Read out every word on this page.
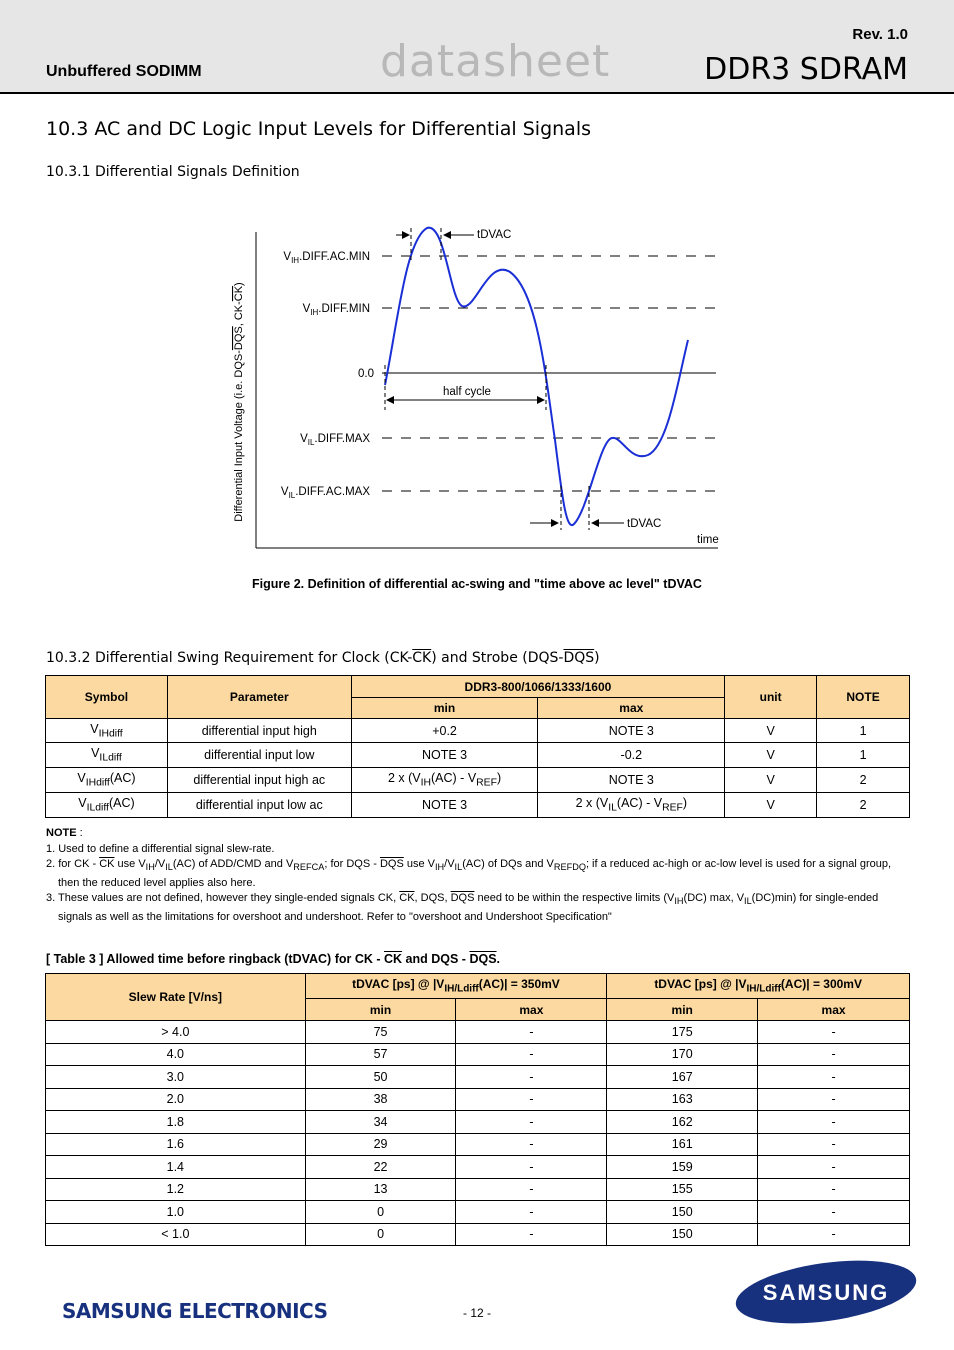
Unbuffered SODIMM	datasheet
Rev. 1.0
DDR3 SDRAM
10.3 AC and DC Logic Input Levels for Differential Signals
10.3.1 Differential Signals Definition
tDVAC
tDVAC
half cycle
time
0.0
$V_{IH}.DIFF.AC.MIN$
$V_{IH}.DIFF.MIN$
$V_{IL}.DIFF.MAX$
$V_{IL}.DIFF.AC.MAX$
Differential Input Voltage (i.e. DQS-DQS, CK-CK)
Figure 2. Definition of differential ac-swing and "time above ac level" tDVAC
10.3.2 Differential Swing Requirement for Clock (CK-CK) and Strobe (DQS-DQS)
Symbol	Parameter	DDR3-800/1066/1333/1600		unit	NOTE
		min	max		
$V_{IHdiff}$	differential input high	+0.2	NOTE 3	V	1
$V_{ILdiff}$	differential input low	NOTE 3	-0.2	V	1
$V_{IHdiff}(AC)$	differential input high ac	2 x $(V_{IH}(AC) - V_{REF})$	NOTE 3	V	2
$V_{ILdiff}(AC)$	differential input low ac	NOTE 3	2 x $(V_{IL}(AC) - V_{REF})$	V	2
NOTE :
1. Used to define a differential signal slew-rate.
2. for CK - $\overline{CK}$ use $V_{IH}/V_{IL}(AC)$ of ADD/CMD and $V_{REFCA}$; for DQS - $\overline{DQS}$ use $V_{IH}/V_{IL}(AC)$ of DQs and $V_{REFDQ}$; if a reduced ac-high or ac-low level is used for a signal group, then the reduced level applies also here.
3. These values are not defined, however they single-ended signals CK, $\overline{CK}$, DQS, $\overline{DQS}$ need to be within the respective limits ($V_{IH}(DC)$ max, $V_{IL}(DC)\min$) for single-ended signals as well as the limitations for overshoot and undershoot. Refer to "overshoot and Undershoot Specification"
[ Table 3 ] Allowed time before ringback (tDVAC) for CK - $\overline{CK}$ and DQS - $\overline{DQS}$.
Slew Rate [V/ns]	tDVAC [ps] @ $|V_{IH/Ldiff}(AC)| = 350mV$		tDVAC [ps] @ $|V_{IH/Ldiff}(AC)| = 300mV$	
	min	max	min	max
> 4.0	75	-	175	-
4.0	57	-	170	-
3.0	50	-	167	-
2.0	38	-	163	-
1.8	34	-	162	-
1.6	29	-	161	-
1.4	22	-	159	-
1.2	13	-	155	-
1.0	0	-	150	-
< 1.0	0	-	150	-
SAMSUNG ELECTRONICS	- 12 -
SAMSUNG
